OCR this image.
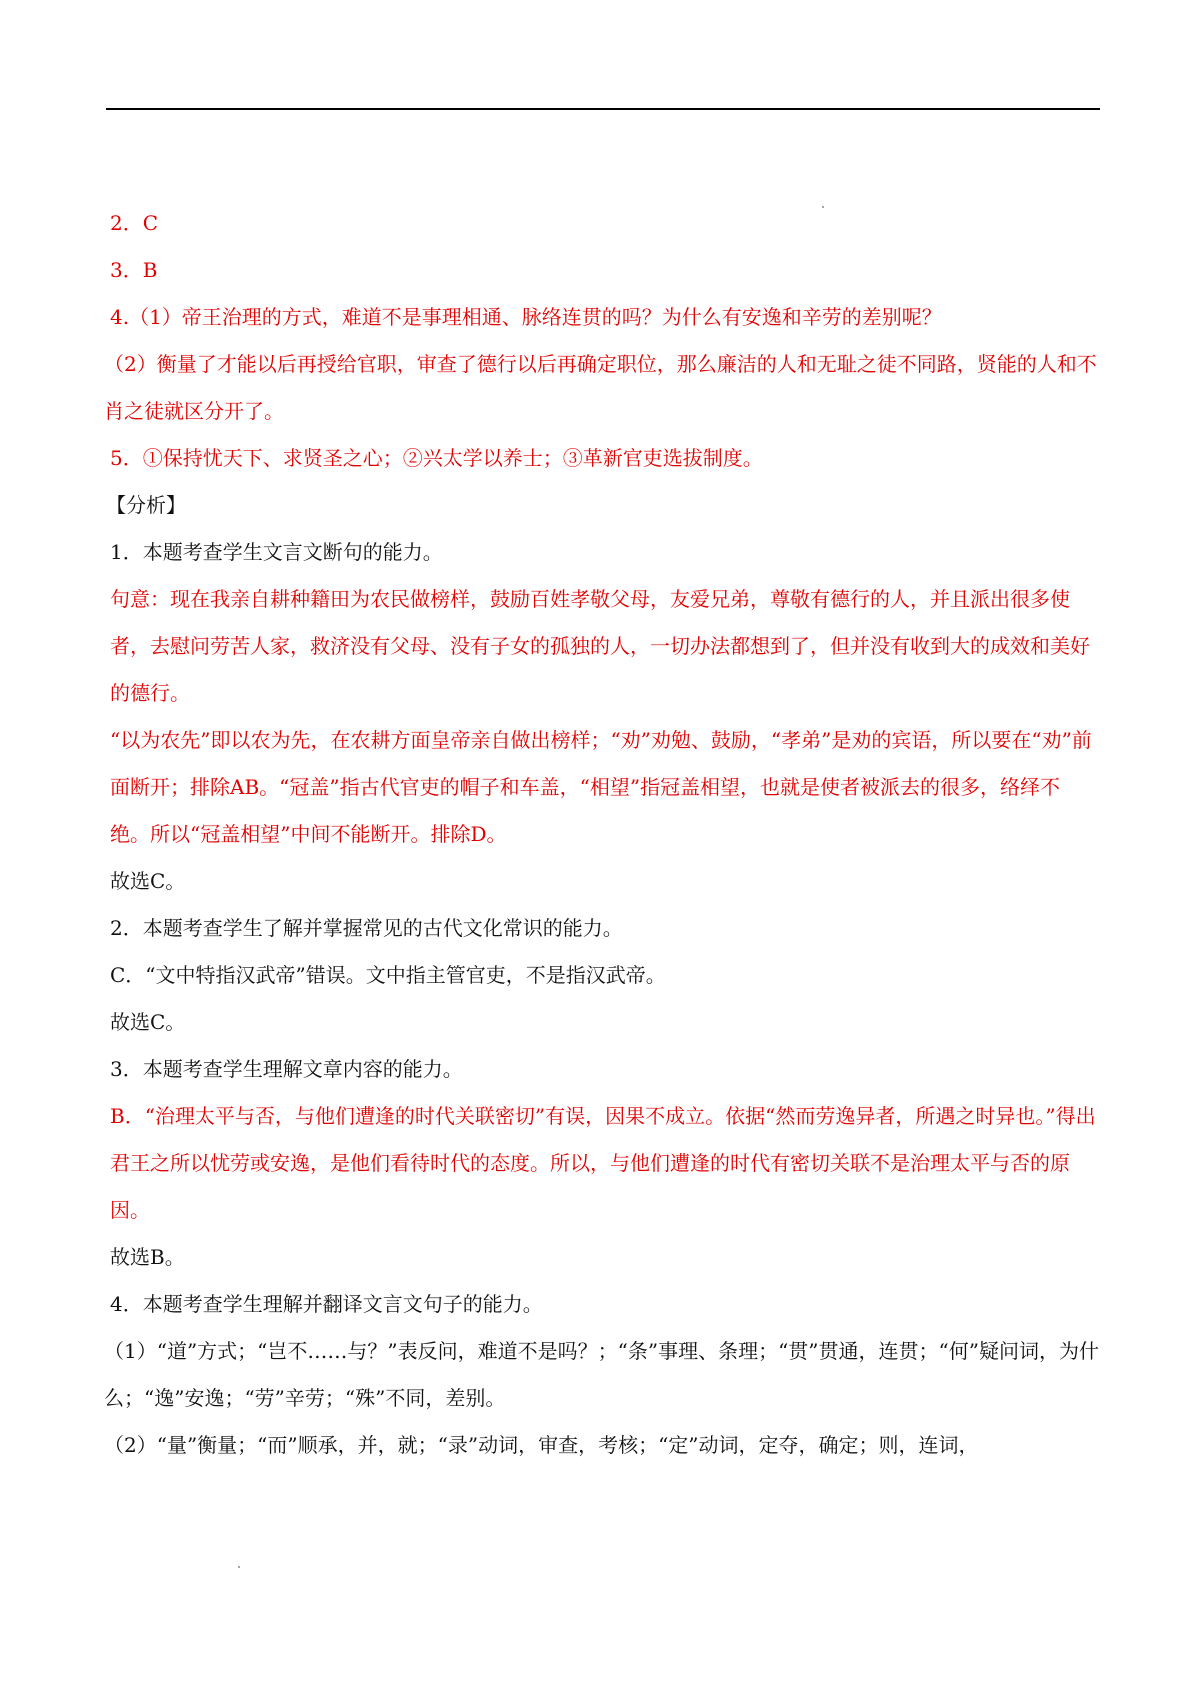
2．C

3．B

4.（1）帝王治理的方式，难道不是事理相通、脉络连贯的吗？为什么有安逸和辛劳的差别呢？

（2）衡量了才能以后再授给官职，审查了德行以后再确定职位，那么廉洁的人和无耻之徒不同路，贤能的人和不肖之徒就区分开了。

5．①保持忧天下、求贤圣之心；②兴太学以养士；③革新官吏选拔制度。

【分析】

1．本题考查学生文言文断句的能力。

句意：现在我亲自耕种籍田为农民做榜样，鼓励百姓孝敬父母，友爱兄弟，尊敬有德行的人，并且派出很多使者，去慰问劳苦人家，救济没有父母、没有子女的孤独的人，一切办法都想到了，但并没有收到大的成效和美好的德行。

“以为农先”即以农为先，在农耕方面皇帝亲自做出榜样；“劝”劝勉、鼓励，“孝弟”是劝的宾语，所以要在“劝”前面断开；排除AB。“冠盖”指古代官吏的帽子和车盖，“相望”指冠盖相望，也就是使者被派去的很多，络绎不绝。所以“冠盖相望”中间不能断开。排除D。

故选C。

2．本题考查学生了解并掌握常见的古代文化常识的能力。

C．“文中特指汉武帝”错误。文中指主管官吏，不是指汉武帝。

故选C。

3．本题考查学生理解文章内容的能力。

B．“治理太平与否，与他们遭逢的时代关联密切”有误，因果不成立。依据“然而劳逸异者，所遇之时异也。”得出君王之所以忧劳或安逸，是他们看待时代的态度。所以，与他们遭逢的时代有密切关联不是治理太平与否的原因。

故选B。

4．本题考查学生理解并翻译文言文句子的能力。

（1）“道”方式；“岂不……与？”表反问，难道不是吗？；“条”事理、条理；“贯”贯通，连贯；“何”疑问词，为什么；“逸”安逸；“劳”辛劳；“殊”不同，差别。

（2）“量”衡量；“而”顺承，并，就；“录”动词，审查，考核；“定”动词，定夺，确定；则，连词，
